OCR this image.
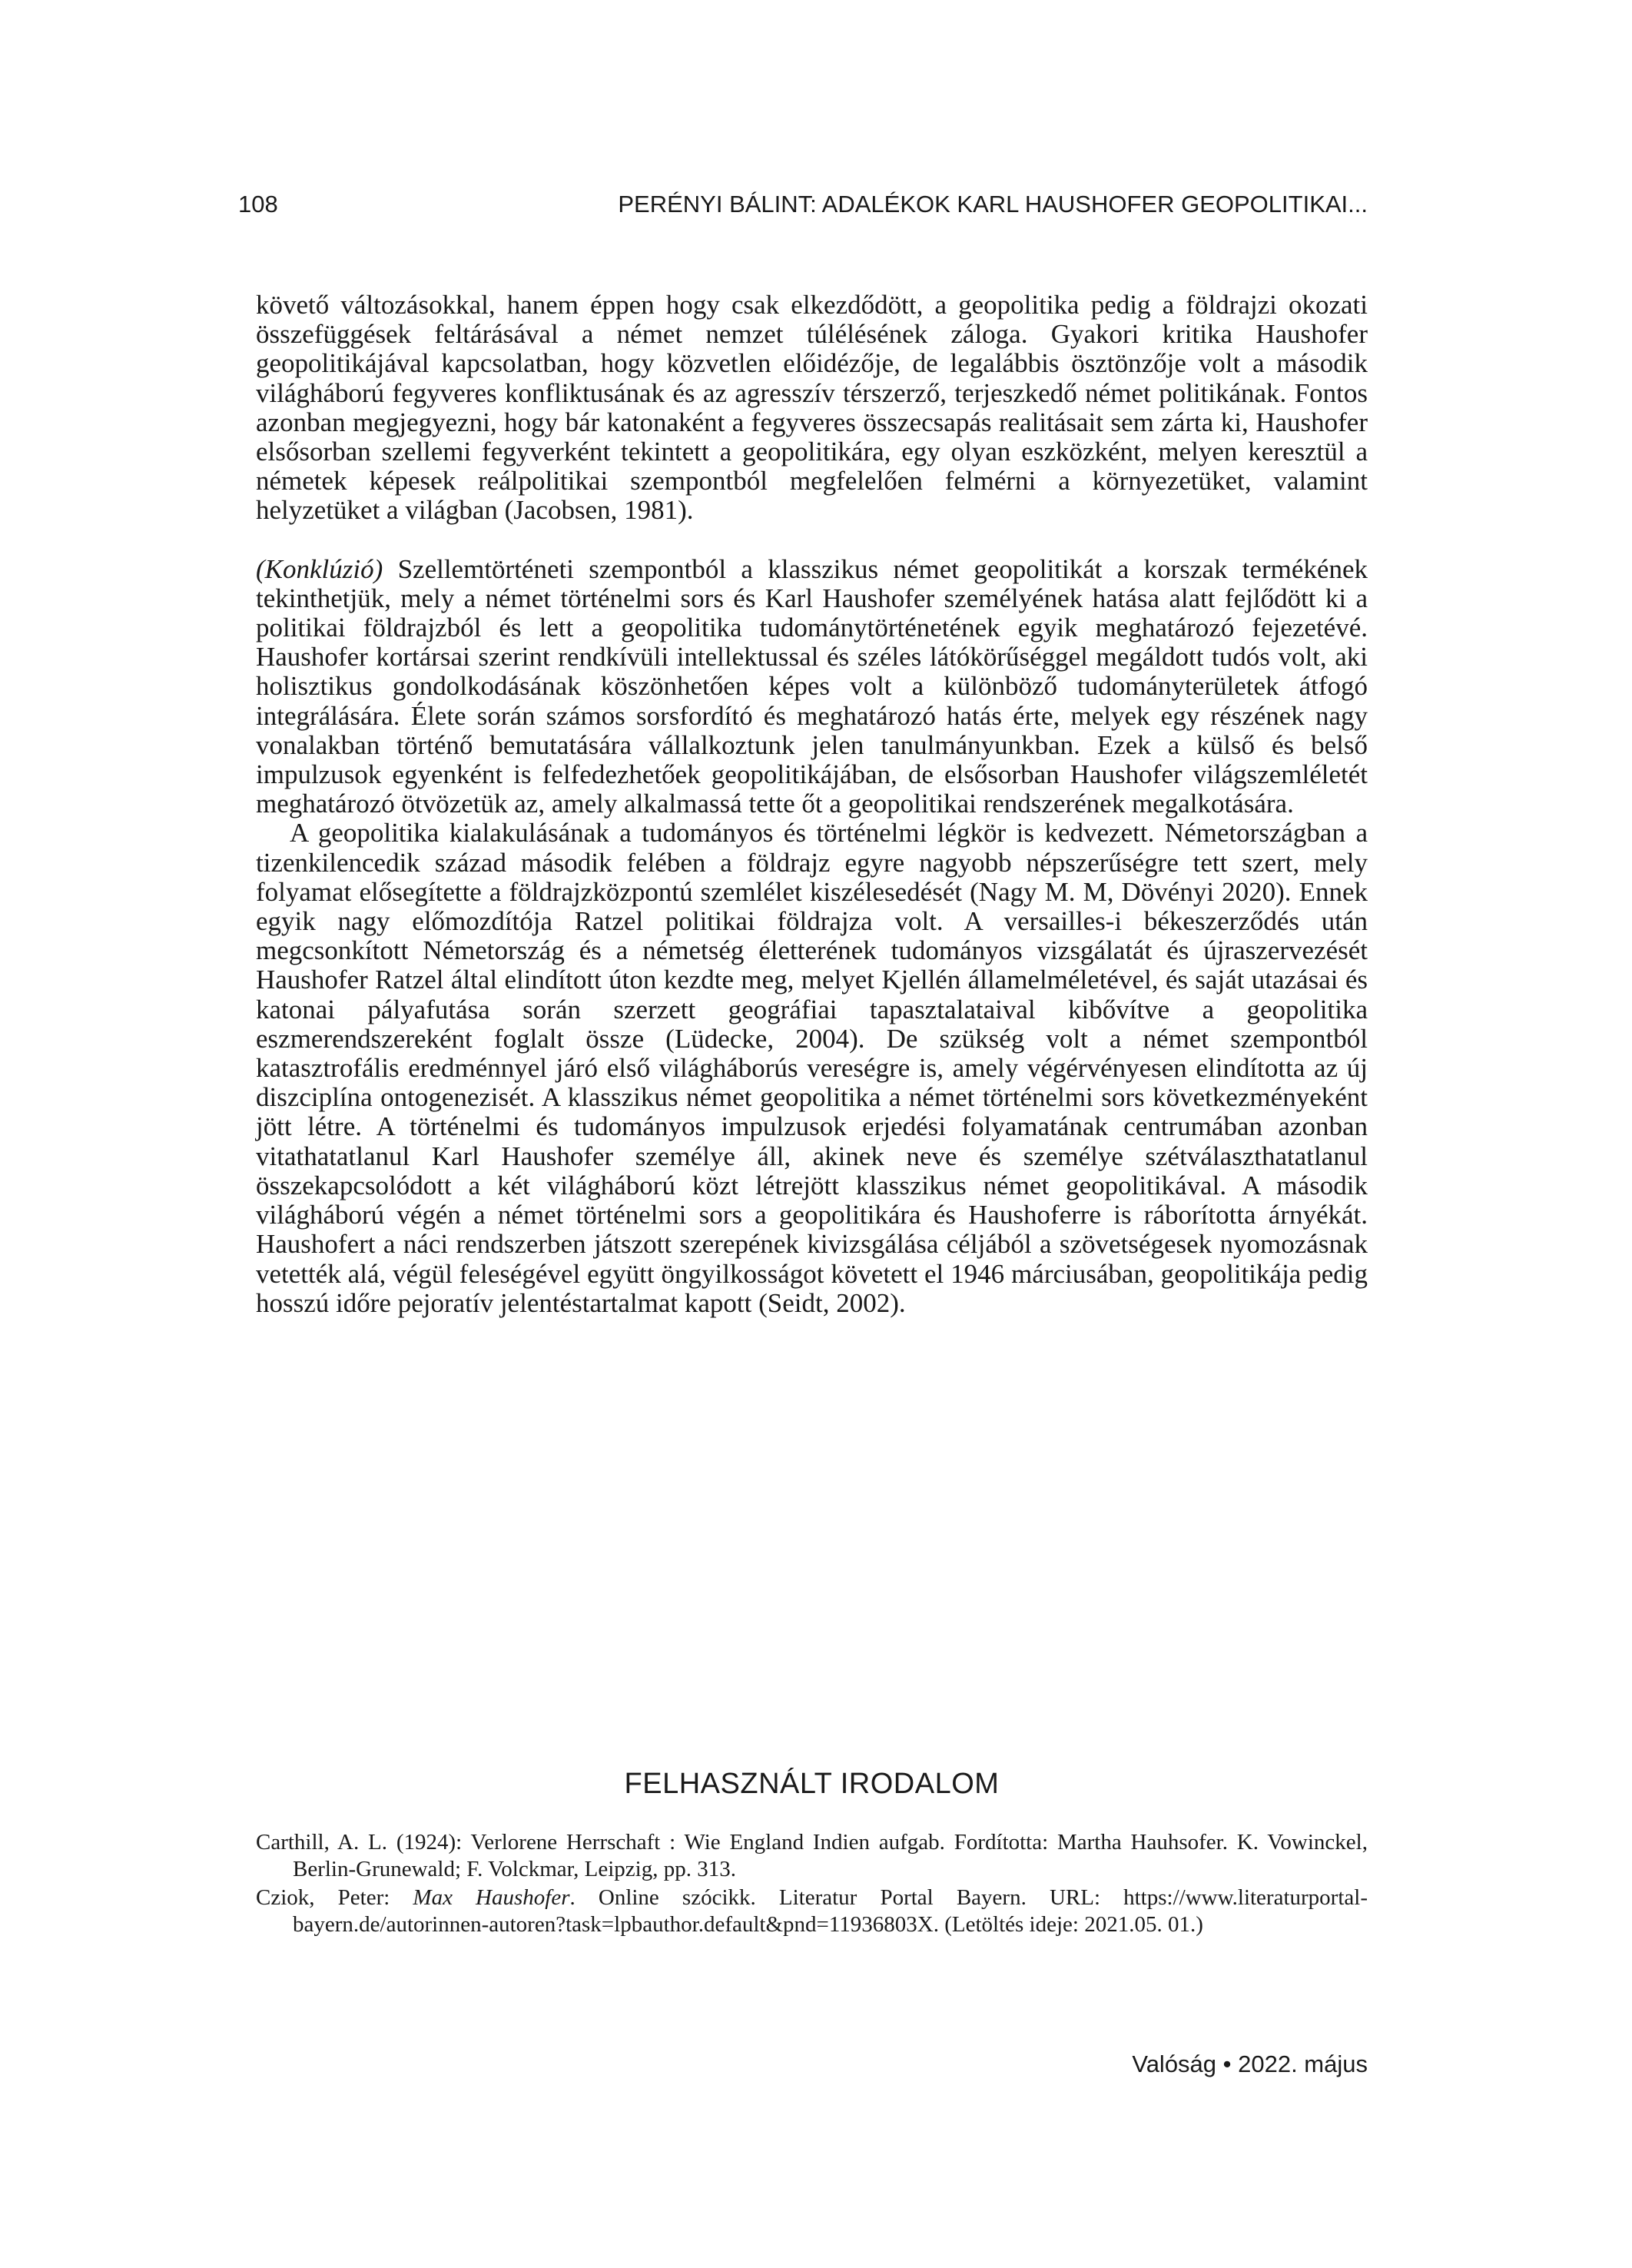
108	PERÉNYI BÁLINT: ADALÉKOK KARL HAUSHOFER GEOPOLITIKAI...

követő változásokkal, hanem éppen hogy csak elkezdődött, a geopolitika pedig a földrajzi okozati összefüggések feltárásával a német nemzet túlélésének záloga. Gyakori kritika Haushofer geopolitikájával kapcsolatban, hogy közvetlen előidézője, de legalábbis ösztönzője volt a második világháború fegyveres konfliktusának és az agresszív térszerző, terjeszkedő német politikának. Fontos azonban megjegyezni, hogy bár katonaként a fegyveres összecsapás realitásait sem zárta ki, Haushofer elsősorban szellemi fegyverként tekintett a geopolitikára, egy olyan eszközként, melyen keresztül a németek képesek reálpolitikai szempontból megfelelően felmérni a környezetüket, valamint helyzetüket a világban (Jacobsen, 1981).

(Konklúzió) Szellemtörténeti szempontból a klasszikus német geopolitikát a korszak termékének tekinthetjük, mely a német történelmi sors és Karl Haushofer személyének hatása alatt fejlődött ki a politikai földrajzból és lett a geopolitika tudománytörténetének egyik meghatározó fejezetévé. Haushofer kortársai szerint rendkívüli intellektussal és széles látókörűséggel megáldott tudós volt, aki holisztikus gondolkodásának köszönhetően képes volt a különböző tudományterületek átfogó integrálására. Élete során számos sorsfordító és meghatározó hatás érte, melyek egy részének nagy vonalakban történő bemutatására vállalkoztunk jelen tanulmányunkban. Ezek a külső és belső impulzusok egyenként is felfedezhetőek geopolitikájában, de elsősorban Haushofer világszemléletét meghatározó ötvözetük az, amely alkalmassá tette őt a geopolitikai rendszerének megalkotására.

A geopolitika kialakulásának a tudományos és történelmi légkör is kedvezett. Németországban a tizenkilencedik század második felében a földrajz egyre nagyobb népszerűségre tett szert, mely folyamat elősegítette a földrajzközpontú szemlélet kiszélesedését (Nagy M. M, Dövényi 2020). Ennek egyik nagy előmozdítója Ratzel politikai földrajza volt. A versailles-i békeszerződés után megcsonkított Németország és a németség életterének tudományos vizsgálatát és újraszervezését Haushofer Ratzel által elindított úton kezdte meg, melyet Kjellén államelméletével, és saját utazásai és katonai pályafutása során szerzett geográfiai tapasztalataival kibővítve a geopolitika eszmerendszereként foglalt össze (Lüdecke, 2004). De szükség volt a német szempontból katasztrofális eredménnyel járó első világháborús vereségre is, amely végérvényesen elindította az új diszciplína ontogenezisét. A klasszikus német geopolitika a német történelmi sors következményeként jött létre. A történelmi és tudományos impulzusok erjedési folyamatának centrumában azonban vitathatatlanul Karl Haushofer személye áll, akinek neve és személye szétválaszthatatlanul összekapcsolódott a két világháború közt létrejött klasszikus német geopolitikával. A második világháború végén a német történelmi sors a geopolitikára és Haushoferre is ráborította árnyékát. Haushofert a náci rendszerben játszott szerepének kivizsgálása céljából a szövetségesek nyomozásnak vetették alá, végül feleségével együtt öngyilkosságot követett el 1946 márciusában, geopolitikája pedig hosszú időre pejoratív jelentéstartalmat kapott (Seidt, 2002).

FELHASZNÁLT IRODALOM

Carthill, A. L. (1924): Verlorene Herrschaft : Wie England Indien aufgab. Fordította: Martha Hauhsofer. K. Vowinckel, Berlin-Grunewald; F. Volckmar, Leipzig, pp. 313.

Cziok, Peter: Max Haushofer. Online szócikk. Literatur Portal Bayern. URL: https://www.literaturportal-bayern.de/autorinnen-autoren?task=lpbauthor.default&pnd=11936803X. (Letöltés ideje: 2021.05. 01.)

Valóság • 2022. május
